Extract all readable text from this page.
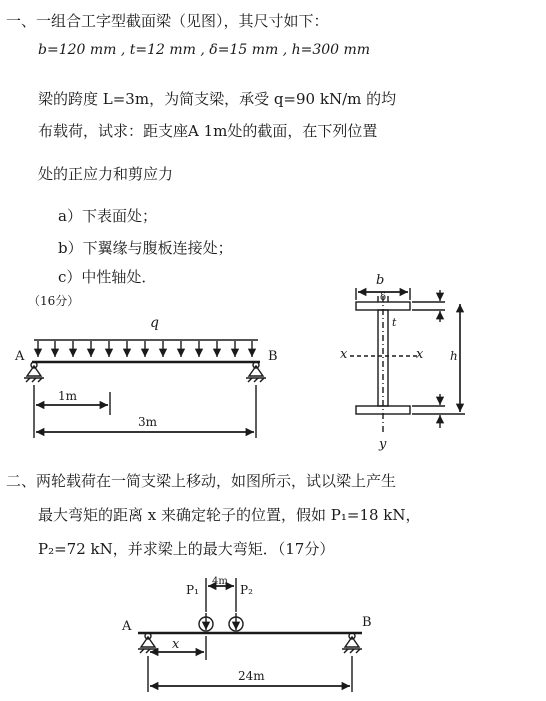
一、一组合工字型截面梁（见图），其尺寸如下：
b=120 mm , t=12 mm , δ=15 mm , h=300 mm
梁的跨度 L=3m，为简支梁，承受 q=90 kN/m 的均
布载荷，试求：距支座A 1m处的截面，在下列位置
处的正应力和剪应力
a）下表面处；
b）下翼缘与腹板连接处；
c）中性轴处．
（16分）
二、两轮载荷在一简支梁上移动，如图所示，试以梁上产生
最大弯矩的距离 x 来确定轮子的位置，假如 P₁=18 kN，
P₂=72 kN，并求梁上的最大弯矩．（17分）
q
A	B
1m
3m
b
δ
t
x	x h
y
P₁	P₂
4m
A	B
x
24m
